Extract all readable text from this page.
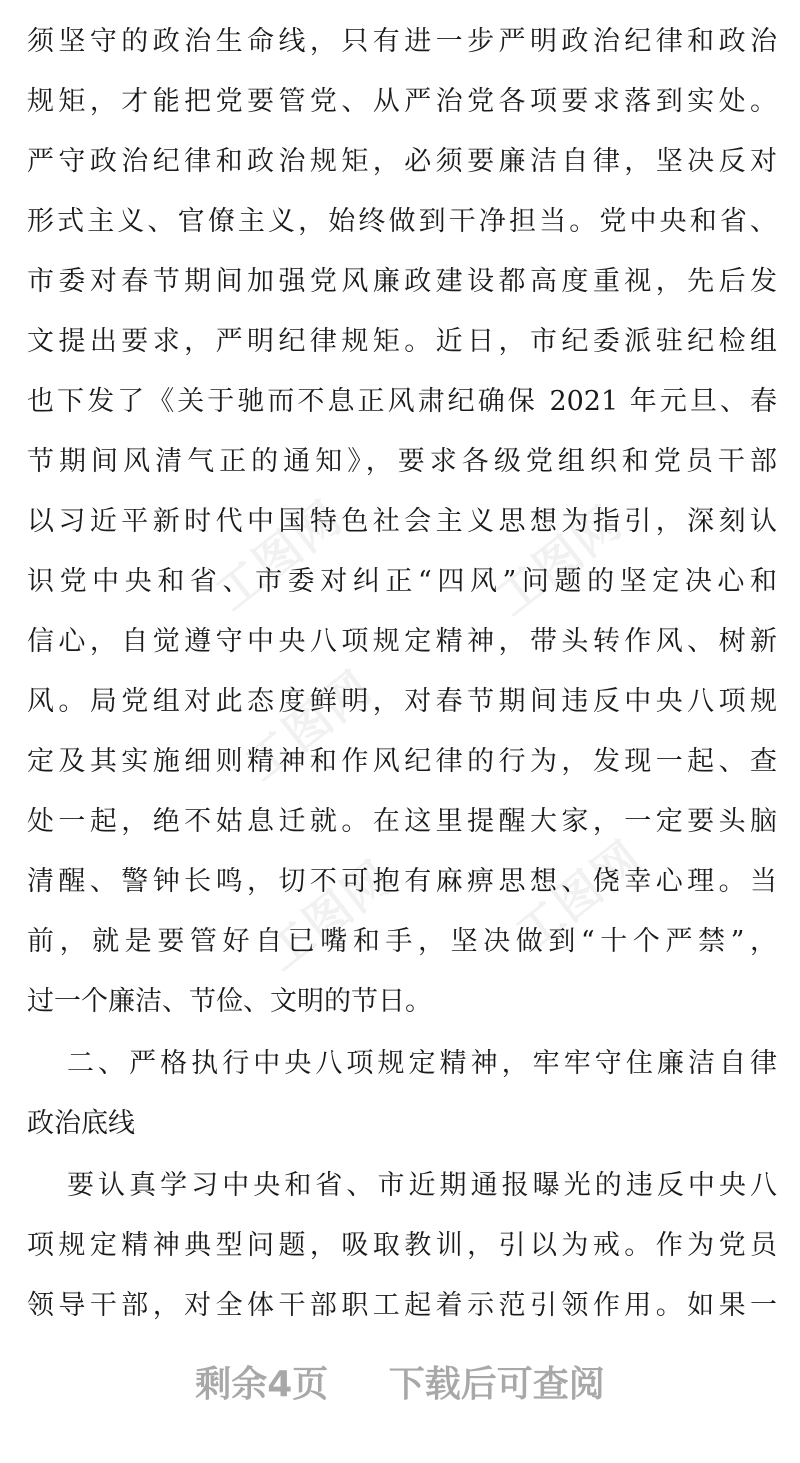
工图网	工图网
工图网
工图网 工图网
须坚守的政治生命线，只有进一步严明政治纪律和政治
规矩，才能把党要管党、从严治党各项要求落到实处。
严守政治纪律和政治规矩，必须要廉洁自律，坚决反对
形式主义、官僚主义，始终做到干净担当。党中央和省、
市委对春节期间加强党风廉政建设都高度重视，先后发
文提出要求，严明纪律规矩。近日，市纪委派驻纪检组
也下发了《关于驰而不息正风肃纪确保 2021 年元旦、春
节期间风清气正的通知》，要求各级党组织和党员干部
以习近平新时代中国特色社会主义思想为指引，深刻认
识党中央和省、市委对纠正“四风”问题的坚定决心和
信心，自觉遵守中央八项规定精神，带头转作风、树新
风。局党组对此态度鲜明，对春节期间违反中央八项规
定及其实施细则精神和作风纪律的行为，发现一起、查
处一起，绝不姑息迁就。在这里提醒大家，一定要头脑
清醒、警钟长鸣，切不可抱有麻痹思想、侥幸心理。当
前，就是要管好自已嘴和手，坚决做到“十个严禁”，
过一个廉洁、节俭、文明的节日。
二、严格执行中央八项规定精神，牢牢守住廉洁自律
政治底线
要认真学习中央和省、市近期通报曝光的违反中央八
项规定精神典型问题，吸取教训，引以为戒。作为党员
领导干部，对全体干部职工起着示范引领作用。如果一
剩余4页 下载后可查阅
